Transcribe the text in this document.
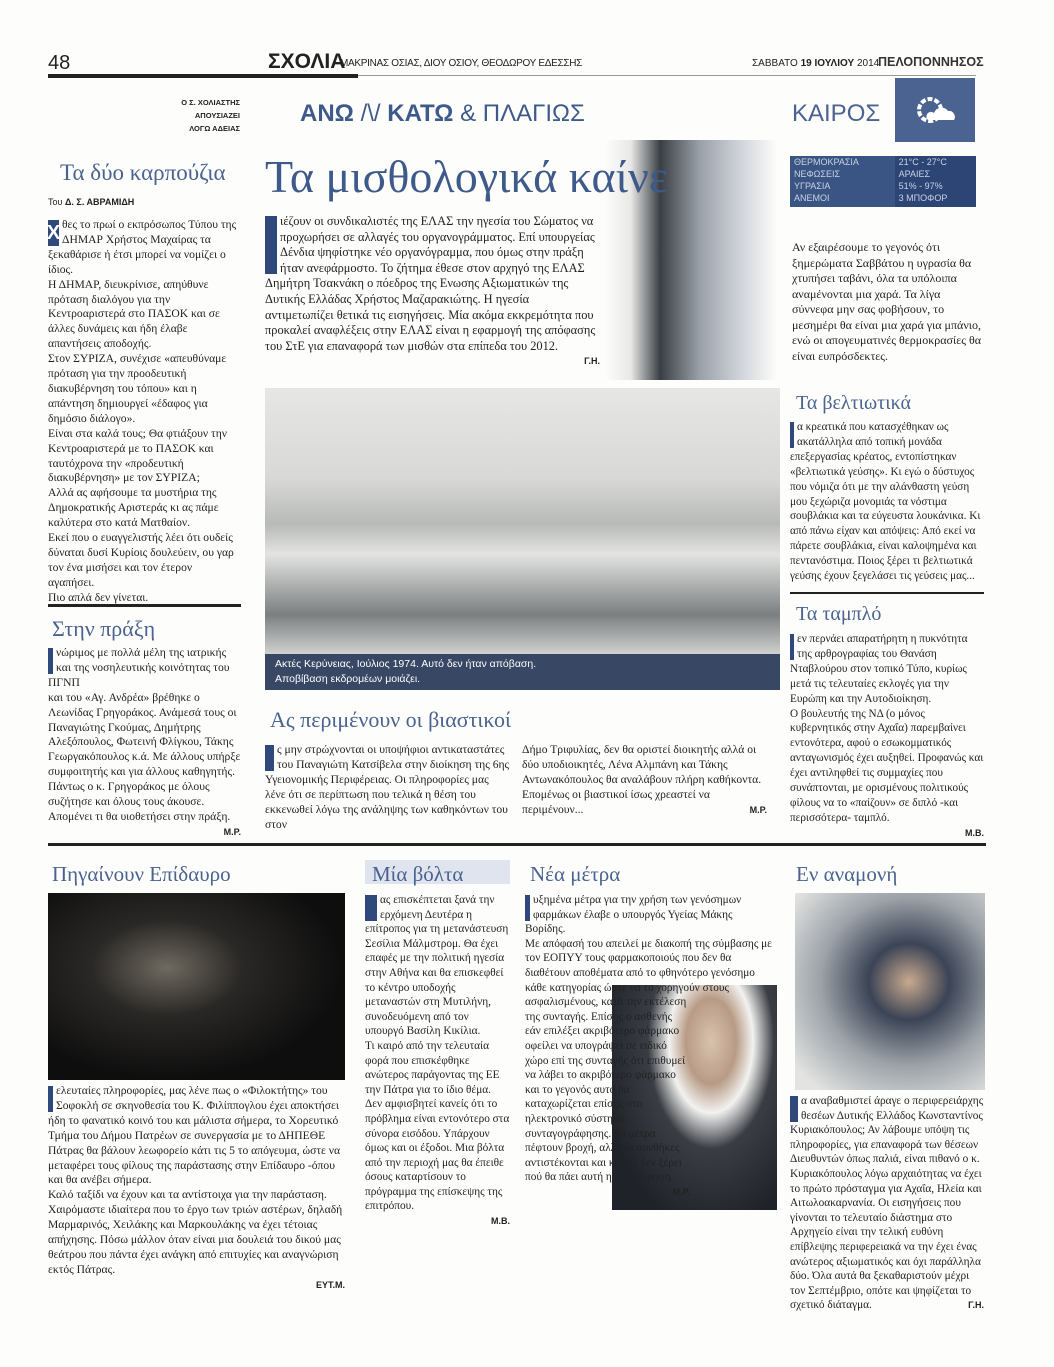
48	ΣΧΟΛΙΑ
ΜΑΚΡΙΝΑΣ ΟΣΙΑΣ, ΔΙΟΥ ΟΣΙΟΥ, ΘΕΟΔΩΡΟΥ ΕΔΕΣΣΗΣ	ΣΑΒΒΑΤΟ 19 ΙΟΥΛΙΟΥ 2014
ΠΕΛΟΠΟΝΝΗΣΟΣ
Ο Σ. ΧΟΛΙΑΣΤΗΣ
ΑΠΟΥΣΙΑΖΕΙ
ΛΟΓΩ ΑΔΕΙΑΣ
ΑΝΩ /\/ ΚΑΤΩ & ΠΛΑΓΙΩΣ	ΚΑΙΡΟΣ
ΘΕΡΜΟΚΡΑΣΙΑ	21°C - 27°C
ΝΕΦΩΣΕΙΣ	ΑΡΑΙΕΣ
ΥΓΡΑΣΙΑ	51% - 97%
ΑΝΕΜΟΙ	3 ΜΠΟΦΟΡ
Αν εξαιρέσουμε το γεγονός ότι ξημερώματα Σαββάτου η υγρασία θα χτυπήσει ταβάνι, όλα τα υπόλοιπα αναμένονται μια χαρά. Τα λίγα σύννεφα μην σας φοβήσουν, το μεσημέρι θα είναι μια χαρά για μπάνιο, ενώ οι απογευματινές θερμοκρασίες θα είναι ευπρόσδεκτες.
Τα δύο καρπούζια
Του Δ. Σ. ΑΒΡΑΜΙΔΗ
Χ θες το πρωί ο εκπρόσωπος Τύπου της ΔΗΜΑΡ Χρήστος Μαχαίρας τα ξεκαθάρισε ή έτσι μπορεί να νομίζει ο ίδιος.

Η ΔΗΜΑΡ, διευκρίνισε, απηύθυνε πρόταση διαλόγου για την Κεντροαριστερά στο ΠΑΣΟΚ και σε άλλες δυνάμεις και ήδη έλαβε απαντήσεις αποδοχής.

Στον ΣΥΡΙΖΑ, συνέχισε «απευθύναμε πρόταση για την προοδευτική διακυβέρνηση του τόπου» και η απάντηση δημιουργεί «έδαφος για δημόσιο διάλογο».

Είναι στα καλά τους; Θα φτιάξουν την Κεντροαριστερά με το ΠΑΣΟΚ και ταυτόχρονα την «προδευτική διακυβέρνηση» με τον ΣΥΡΙΖΑ;

Αλλά ας αφήσουμε τα μυστήρια της Δημοκρατικής Αριστεράς κι ας πάμε καλύτερα στο κατά Ματθαίον.

Εκεί που ο ευαγγελιστής λέει ότι ουδείς δύναται δυσί Κυρίοις δουλεύειν, ου γαρ τον ένα μισήσει και τον έτερον αγαπήσει.

Πιο απλά δεν γίνεται.

Στην πράξη

νώριμος με πολλά μέλη της ιατρικής και της νοσηλευτικής κοινότητας του ΠΓΝΠ

και του «Αγ. Ανδρέα» βρέθηκε ο Λεωνίδας Γρηγοράκος. Ανάμεσά τους οι Παναγιώτης Γκούμας, Δημήτρης Αλεξόπουλος, Φωτεινή Φλίγκου, Τάκης Γεωργακόπουλος κ.ά. Με άλλους υπήρξε συμφοιτητής και για άλλους καθηγητής. Πάντως ο κ. Γρηγοράκος με όλους συζήτησε και όλους τους άκουσε. Απομένει τι θα υιοθετήσει στην πράξη.

Μ.Ρ.
Τα μισθολογικά καίνε
ιέζουν οι συνδικαλιστές της ΕΛΑΣ την ηγεσία του Σώματος να προχωρήσει σε αλλαγές του οργανογράμματος. Επί υπουργείας Δένδια ψηφίστηκε νέο οργανόγραμμα, που όμως στην πράξη ήταν ανεφάρμοστο. Το ζήτημα έθεσε στον αρχηγό της ΕΛΑΣ Δημήτρη Τσακνάκη ο πόεδρος της Ενωσης Αξιωματικών της Δυτικής Ελλάδας Χρήστος Μαζαρακιώτης. Η ηγεσία αντιμετωπίζει θετικά τις εισηγήσεις. Μία ακόμα εκκρεμότητα που προκαλεί αναφλέξεις στην ΕΛΑΣ είναι η εφαρμογή της απόφασης του ΣτΕ για επαναφορά των μισθών στα επίπεδα του 2012.

Γ.Η.
Ακτές Κερύνειας, Ιούλιος 1974. Αυτό δεν ήταν απόβαση.
Αποβίβαση εκδρομέων μοιάζει.
Ας περιμένουν οι βιαστικοί
ς μην στρώχνονται οι υποψήφιοι αντικαταστάτες του Παναγιώτη Κατσίβελα στην διοίκηση της 6ης Υγειονομικής Περιφέρειας. Οι πληροφορίες μας λένε ότι σε περίπτωση που τελικά η θέση του εκκενωθεί λόγω της ανάληψης των καθηκόντων του στον
Δήμο Τριφυλίας, δεν θα οριστεί διοικητής αλλά οι δύο υποδιοικητές, Λένα Αλμπάνη και Τάκης Αντωνακόπουλος θα αναλάβουν πλήρη καθήκοντα. Επομένως οι βιαστικοί ίσως χρεαστεί να περιμένουν...	Μ.Ρ.
Τα βελτιωτικά
α κρεατικά που κατασχέθηκαν ως ακατάλληλα από τοπική μονάδα επεξεργασίας κρέατος, εντοπίστηκαν «βελτιωτικά γεύσης». Κι εγώ ο δύστυχος που νόμιζα ότι με την αλάνθαστη γεύση μου ξεχώριζα μονομιάς τα νόστιμα σουβλάκια και τα εύγευστα λουκάνικα. Κι από πάνω είχαν και απόψεις: Από εκεί να πάρετε σουβλάκια, είναι καλοψημένα και πεντανόστιμα. Ποιος ξέρει τι βελτιωτικά γεύσης έχουν ξεγελάσει τις γεύσεις μας...
Τα ταμπλό

εν περνάει απαρατήρητη η πυκνότητα της αρθρογραφίας του Θανάση Νταβλούρου στον τοπικό Τύπο, κυρίως μετά τις τελευταίες εκλογές για την Ευρώπη και την Αυτοδιοίκηση.

Ο βουλευτής της ΝΔ (ο μόνος κυβερνητικός στην Αχαΐα) παρεμβαίνει εντονότερα, αφού ο εσωκομματικός ανταγωνισμός έχει αυξηθεί. Προφανώς και έχει αντιληφθεί τις συμμαχίες που συνάπτονται, με ορισμένους πολιτικούς φίλους να το «παίζουν» σε διπλό -και περισσότερα- ταμπλό.

Μ.Β.
Πηγαίνουν Επίδαυρο

ελευταίες πληροφορίες, μας λένε πως ο «Φιλοκτήτης» του Σοφοκλή σε σκηνοθεσία του Κ. Φιλίππογλου έχει αποκτήσει ήδη το φανατικό κοινό του και μάλιστα σήμερα, το Χορευτικό Τμήμα του Δήμου Πατρέων σε συνεργασία με το ΔΗΠΕΘΕ Πάτρας θα βάλουν λεωφορείο κάτι τις 5 το απόγευμα, ώστε να μεταφέρει τους φίλους της παράστασης στην Επίδαυρο -όπου και θα ανέβει σήμερα.

Καλό ταξίδι να έχουν και τα αντίστοιχα για την παράσταση.

Χαιρόμαστε ιδιαίτερα που το έργο των τριών αστέρων, δηλαδή Μαρμαρινός, Χειλάκης και Μαρκουλάκης να έχει τέτοιας απήχησης. Πόσω μάλλον όταν είναι μια δουλειά του δικού μας θεάτρου που πάντα έχει ανάγκη από επιτυχίες και αναγνώριση εκτός Πάτρας.

ΕΥΤ.Μ.
Μία βόλτα

ας επισκέπτεται ξανά την ερχόμενη Δευτέρα η επίτροπος για τη μετανάστευση Σεσίλια Μάλμστρομ. Θα έχει επαφές με την πολιτική ηγεσία στην Αθήνα και θα επισκεφθεί το κέντρο υποδοχής μεταναστών στη Μυτιλήνη, συνοδευόμενη από τον υπουργό Βασίλη Κικίλια.

Τι καιρό από την τελευταία φορά που επισκέφθηκε ανώτερος παράγοντας της ΕΕ την Πάτρα για το ίδιο θέμα. Δεν αμφισβητεί κανείς ότι το πρόβλημα είναι εντονότερο στα σύνορα εισόδου. Υπάρχουν όμως και οι έξοδοι. Μια βόλτα από την περιοχή μας θα έπειθε όσους καταρτίσουν το πρόγραμμα της επίσκεψης της επιτρόπου.

Μ.Β.
Νέα μέτρα

υξημένα μέτρα για την χρήση των γενόσημων φαρμάκων έλαβε ο υπουργός Υγείας Μάκης Βορίδης.

Με απόφασή του απειλεί με διακοπή της σύμβασης με τον ΕΟΠΥΥ τους φαρμακοποιούς που δεν θα διαθέτουν αποθέματα από το φθηνότερο γενόσημο κάθε κατηγορίας ώστε να το χορηγούν στους ασφαλισμένους, κατά την εκτέλεση της συνταγής. Επίσης ο ασθενής εάν επιλέξει ακριβότερο φάρμακο οφείλει να υπογράψει σε ειδικό χώρο επί της συνταγής ότι επιθυμεί να λάβει το ακριβότερο φάρμακο και το γεγονός αυτό θα καταχωρίζεται επίσης στο ηλεκτρονικό σύστημα συνταγογράφησης. Τα μέτρα πέφτουν βροχή, αλλά οι συνθήκες αντιστέκονται και κανείς δεν ξέρει πού θα πάει αυτή η αναμέτρηση.

Μ.Ρ.
Εν αναμονή
α αναβαθμιστεί άραγε ο περιφερειάρχης θεσέων Δυτικής Ελλάδος Κωνσταντίνος Κυριακόπουλος; Αν λάβουμε υπόψη τις πληροφορίες, για επαναφορά των θέσεων Διευθυντών όπως παλιά, είναι πιθανό ο κ. Κυριακόπουλος λόγω αρχαιότητας να έχει το πρώτο πρόσταγμα για Αχαΐα, Ηλεία και Αιτωλοακαρνανία. Οι εισηγήσεις που γίνονται το τελευταίο διάστημα στο Αρχηγείο είναι την τελική ευθύνη επίβλεψης περιφερειακά να την έχει ένας ανώτερος αξιωματικός και όχι παράλληλα δύο. Όλα αυτά θα ξεκαθαριστούν μέχρι τον Σεπτέμβριο, οπότε και ψηφίζεται το σχετικό διάταγμα.	Γ.Η.
